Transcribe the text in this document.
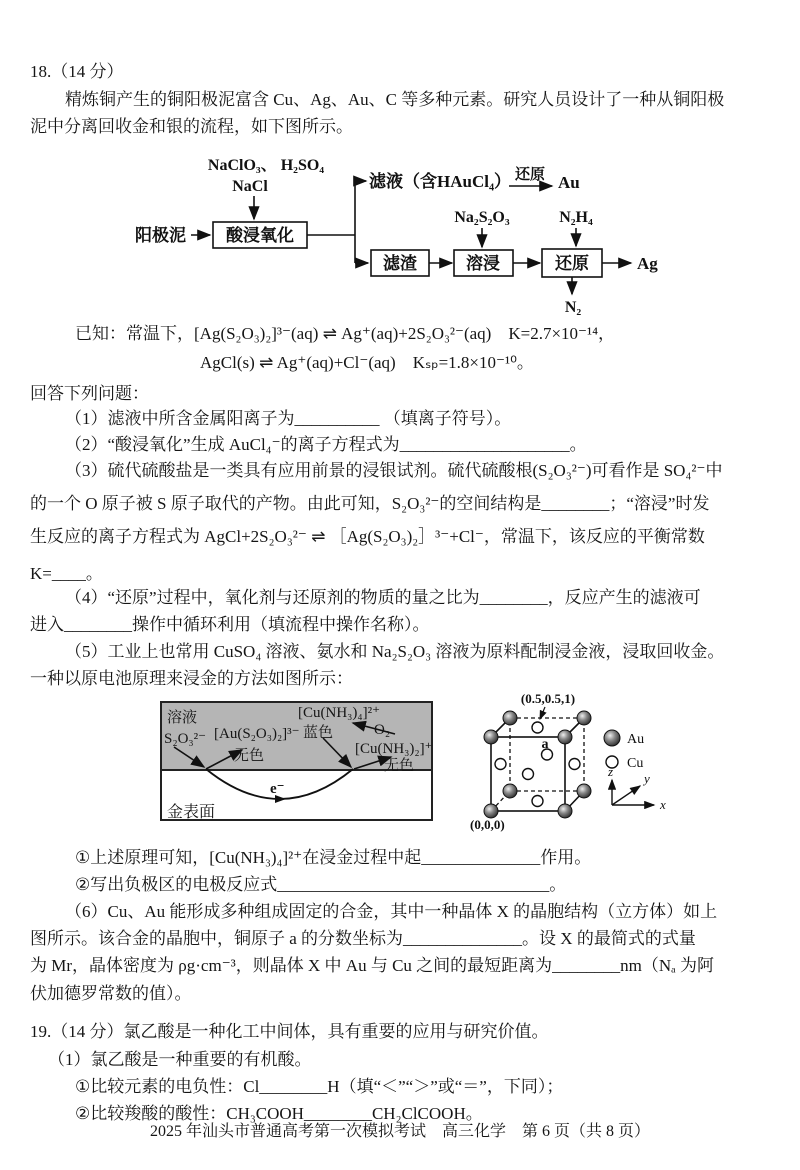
18.（14 分）
精炼铜产生的铜阳极泥富含 Cu、Ag、Au、C 等多种元素。研究人员设计了一种从铜阳极
泥中分离回收金和银的流程，如下图所示。
NaClO₃、 H₂SO₄
NaCl
阳极泥 酸浸氧化
滤液（含HAuCl₄） 还原 Au
滤渣	溶浸	还原	Ag
Na₂S₂O₃	N₂H₄
N₂
已知：常温下，[Ag(S₂O₃)₂]³⁻(aq) ⇌ Ag⁺(aq)+2S₂O₃²⁻(aq)　K=2.7×10⁻¹⁴，
AgCl(s) ⇌ Ag⁺(aq)+Cl⁻(aq)　Kₛₚ=1.8×10⁻¹⁰。
回答下列问题：
（1）滤液中所含金属阳离子为__________ （填离子符号）。
（2）“酸浸氧化”生成 AuCl₄⁻的离子方程式为____________________。
（3）硫代硫酸盐是一类具有应用前景的浸银试剂。硫代硫酸根(S₂O₃²⁻)可看作是 SO₄²⁻中
的一个 O 原子被 S 原子取代的产物。由此可知，S₂O₃²⁻的空间结构是________；“溶浸”时发
生反应的离子方程式为 AgCl+2S₂O₃²⁻ ⇌ ［Ag(S₂O₃)₂］³⁻+Cl⁻，常温下，该反应的平衡常数
K=____。
（4）“还原”过程中，氧化剂与还原剂的物质的量之比为________，反应产生的滤液可
进入________操作中循环利用（填流程中操作名称）。
（5）工业上也常用 CuSO₄ 溶液、氨水和 Na₂S₂O₃ 溶液为原料配制浸金液，浸取回收金。
一种以原电池原理来浸金的方法如图所示：
溶液
S₂O₃²⁻ [Au(S₂O₃)₂]³⁻
无色
[Cu(NH₃)₄]²⁺
蓝色	O₂
[Cu(NH₃)₂]⁺
无色
e⁻
金表面
(0.5,0.5,1)
a
(0,0,0)
Au
Cu
x
z y
①上述原理可知，[Cu(NH₃)₄]²⁺在浸金过程中起______________作用。
②写出负极区的电极反应式________________________________。
（6）Cu、Au 能形成多种组成固定的合金，其中一种晶体 X 的晶胞结构（立方体）如上
图所示。该合金的晶胞中，铜原子 a 的分数坐标为______________。设 X 的最简式的式量
为 Mr，晶体密度为 ρg·cm⁻³，则晶体 X 中 Au 与 Cu 之间的最短距离为________nm（Nₐ 为阿
伏加德罗常数的值）。
19.（14 分）氯乙酸是一种化工中间体，具有重要的应用与研究价值。
（1）氯乙酸是一种重要的有机酸。
①比较元素的电负性：Cl________H（填“＜”“＞”或“＝”，下同）；
②比较羧酸的酸性：CH₃COOH________CH₂ClCOOH。
2025 年汕头市普通高考第一次模拟考试　高三化学　第 6 页（共 8 页）
